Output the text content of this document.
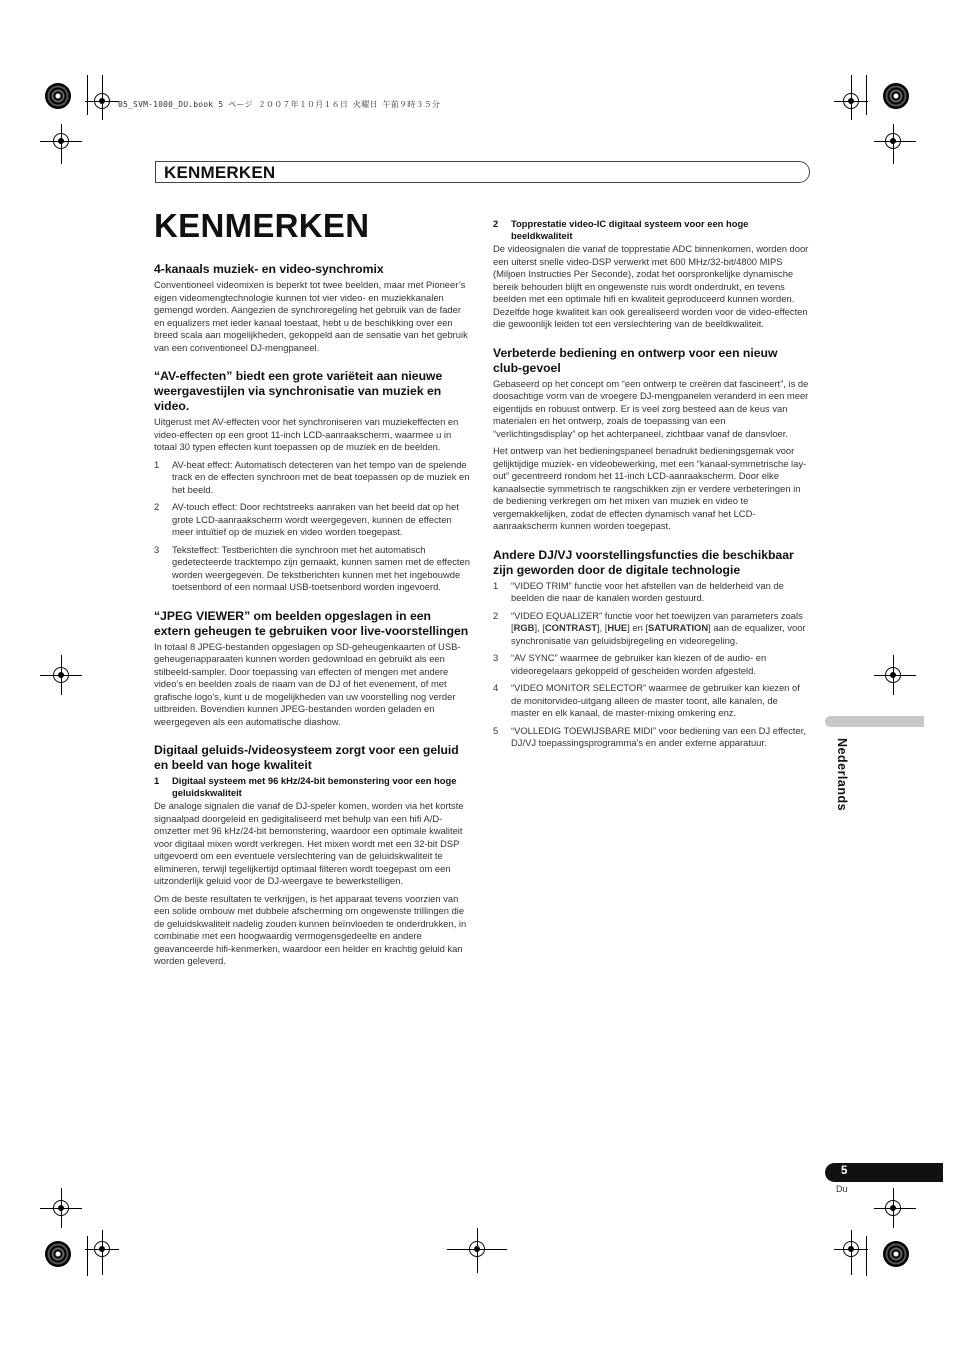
05_SVM-1000_DU.book 5 ページ ２００７年１０月１６日 火曜日 午前９時３５分
KENMERKEN
KENMERKEN
4-kanaals muziek- en video-synchromix

Conventioneel videomixen is beperkt tot twee beelden, maar met Pioneer’s eigen videomengtechnologie kunnen tot vier video- en muziekkanalen gemengd worden. Aangezien de synchroregeling het gebruik van de fader en equalizers met ieder kanaal toestaat, hebt u de beschikking over een breed scala aan mogelijkheden, gekoppeld aan de sensatie van het gebruik van een conventioneel DJ-mengpaneel.

“AV-effecten” biedt een grote variëteit aan nieuwe weergavestijlen via synchronisatie van muziek en video.

Uitgerust met AV-effecten voor het synchroniseren van muziekeffecten en video-effecten op een groot 11-inch LCD-aanraakscherm, waarmee u in totaal 30 typen effecten kunt toepassen op de muziek en de beelden.

1	AV-beat effect: Automatisch detecteren van het tempo van de spelende track en de effecten synchroon met de beat toepassen op de muziek en het beeld.
2	AV-touch effect: Door rechtstreeks aanraken van het beeld dat op het grote LCD-aanraakscherm wordt weergegeven, kunnen de effecten meer intuïtief op de muziek en video worden toegepast.
3	Teksteffect: Testberichten die synchroon met het automatisch gedetecteerde tracktempo zijn gemaakt, kunnen samen met de effecten worden weergegeven. De tekstberichten kunnen met het ingebouwde toetsenbord of een normaal USB-toetsenbord worden ingevoerd.
“JPEG VIEWER” om beelden opgeslagen in een extern geheugen te gebruiken voor live-voorstellingen

In totaal 8 JPEG-bestanden opgeslagen op SD-geheugenkaarten of USB-geheugenapparaaten kunnen worden gedownload en gebruikt als een stilbeeld-sampler. Door toepassing van effecten of mengen met andere video's en beelden zoals de naam van de DJ of het evenement, of met grafische logo's, kunt u de mogelijkheden van uw voorstelling nog verder uitbreiden. Bovendien kunnen JPEG-bestanden worden geladen en weergegeven als een automatische diashow.

Digitaal geluids-/videosysteem zorgt voor een geluid en beeld van hoge kwaliteit
1	Digitaal systeem met 96 kHz/24-bit bemonstering voor een hoge geluidskwaliteit

De analoge signalen die vanaf de DJ-speler komen, worden via het kortste signaalpad doorgeleid en gedigitaliseerd met behulp van een hifi A/D-omzetter met 96 kHz/24-bit bemonstering, waardoor een optimale kwaliteit voor digitaal mixen wordt verkregen. Het mixen wordt met een 32-bit DSP uitgevoerd om een eventuele verslechtering van de geluidskwaliteit te elimineren, terwijl tegelijkertijd optimaal filteren wordt toegepast om een uitzonderlijk geluid voor de DJ-weergave te bewerkstelligen.

Om de beste resultaten te verkrijgen, is het apparaat tevens voorzien van een solide ombouw met dubbele afscherming om ongewenste trillingen die de geluidskwaliteit nadelig zouden kunnen beïnvloeden te onderdrukken, in combinatie met een hoogwaardig vermogensgedeelte en andere geavanceerde hifi-kenmerken, waardoor een helder en krachtig geluid kan worden geleverd.

2	Topprestatie video-IC digitaal systeem voor een hoge beeldkwaliteit

De videosignalen die vanaf de topprestatie ADC binnenkomen, worden door een uiterst snelle video-DSP verwerkt met 600 MHz/32-bit/4800 MIPS (Miljoen Instructies Per Seconde), zodat het oorspronkelijke dynamische bereik behouden blijft en ongewenste ruis wordt onderdrukt, en tevens beelden met een optimale hifi en kwaliteit geproduceerd kunnen worden. Dezelfde hoge kwaliteit kan ook gerealiseerd worden voor de video-effecten die gewoonlijk leiden tot een verslechtering van de beeldkwaliteit.

Verbeterde bediening en ontwerp voor een nieuw club-gevoel

Gebaseerd op het concept om “een ontwerp te creëren dat fascineert”, is de doosachtige vorm van de vroegere DJ-mengpanelen veranderd in een meer eigentijds en robuust ontwerp. Er is veel zorg besteed aan de keus van materialen en het ontwerp, zoals de toepassing van een “verlichtingsdisplay” op het achterpaneel, zichtbaar vanaf de dansvloer.

Het ontwerp van het bedieningspaneel benadrukt bedieningsgemak voor gelijktijdige muziek- en videobewerking, met een “kanaal-symmetrische lay-out” gecentreerd rondom het 11-inch LCD-aanraakscherm. Door elke kanaalsectie symmetrisch te rangschikken zijn er verdere verbeteringen in de bediening verkregen om het mixen van muziek en video te vergemakkelijken, zodat de effecten dynamisch vanaf het LCD-aanraakscherm kunnen worden toegepast.

Andere DJ/VJ voorstellingsfuncties die beschikbaar zijn geworden door de digitale technologie
1	“VIDEO TRIM” functie voor het afstellen van de helderheid van de beelden die naar de kanalen worden gestuurd.
2	“VIDEO EQUALIZER” functie voor het toewijzen van parameters zoals [RGB], [CONTRAST], [HUE] en [SATURATION] aan de equalizer, voor synchronisatie van geluidsbijregeling en videoregeling.
3	“AV SYNC” waarmee de gebruiker kan kiezen of de audio- en videoregelaars gekoppeld of gescheiden worden afgesteld.
4	“VIDEO MONITOR SELECTOR” waarmee de gebruiker kan kiezen of de monitorvideo-uitgang alleen de master toont, alle kanalen, de master en elk kanaal, de master-mixing omkering enz.
5	“VOLLEDIG TOEWIJSBARE MIDI” voor bediening van een DJ effecter, DJ/VJ toepassingsprogramma's en ander externe apparatuur.	Nederlands
5
Du
